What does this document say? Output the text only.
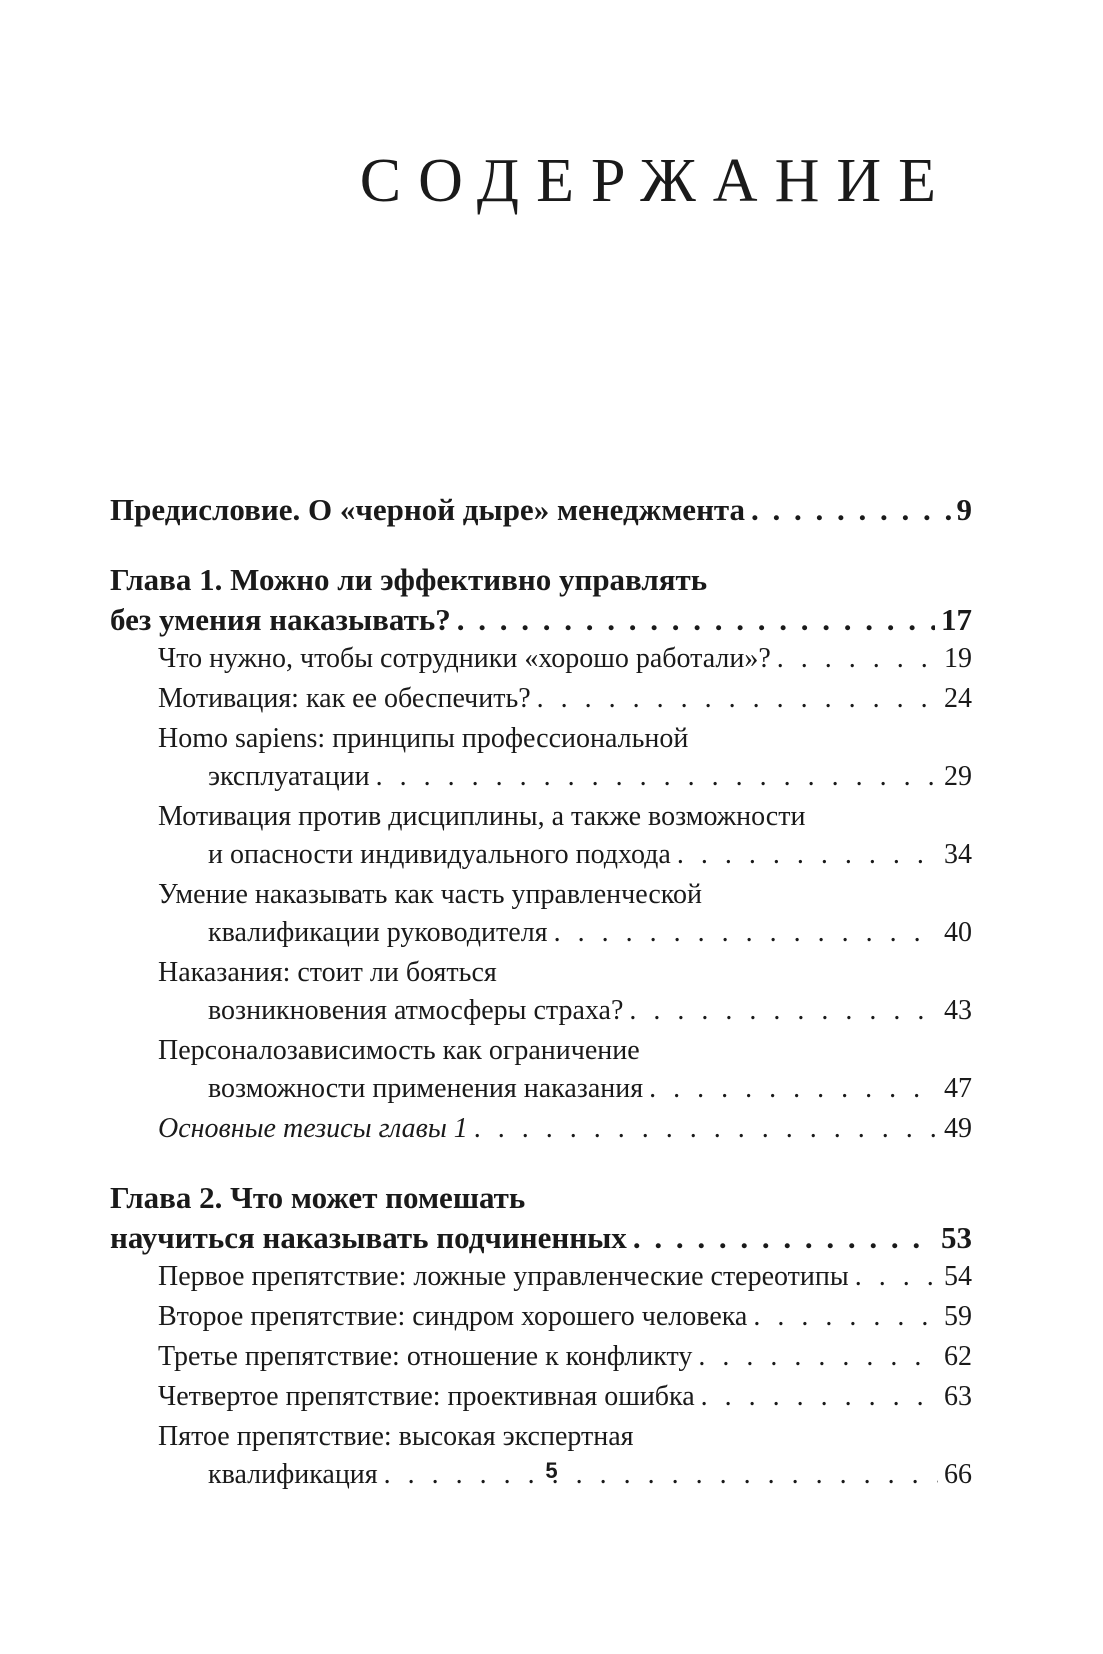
СОДЕРЖАНИЕ
Предисловие. О «черной дыре» менеджмента . . .	9
Глава 1. Можно ли эффективно управлять
без умения наказывать? . . .	17
Что нужно, чтобы сотрудники «хорошо работали»? . . .	19
Мотивация: как ее обеспечить? . . .	24
Homo sapiens: принципы профессиональной
эксплуатации . . .	29
Мотивация против дисциплины, а также возможности
и опасности индивидуального подхода . . .	34
Умение наказывать как часть управленческой
квалификации руководителя . . .	40
Наказания: стоит ли бояться
возникновения атмосферы страха? . . .	43
Персоналозависимость как ограничение
возможности применения наказания . . .	47
Основные тезисы главы 1 . . .	49
Глава 2. Что может помешать
научиться наказывать подчиненных . . .	53
Первое препятствие: ложные управленческие стереотипы . . .	54
Второе препятствие: синдром хорошего человека . . .	59
Третье препятствие: отношение к конфликту . . .	62
Четвертое препятствие: проективная ошибка . . .	63
Пятое препятствие: высокая экспертная
квалификация . . .	66
5
